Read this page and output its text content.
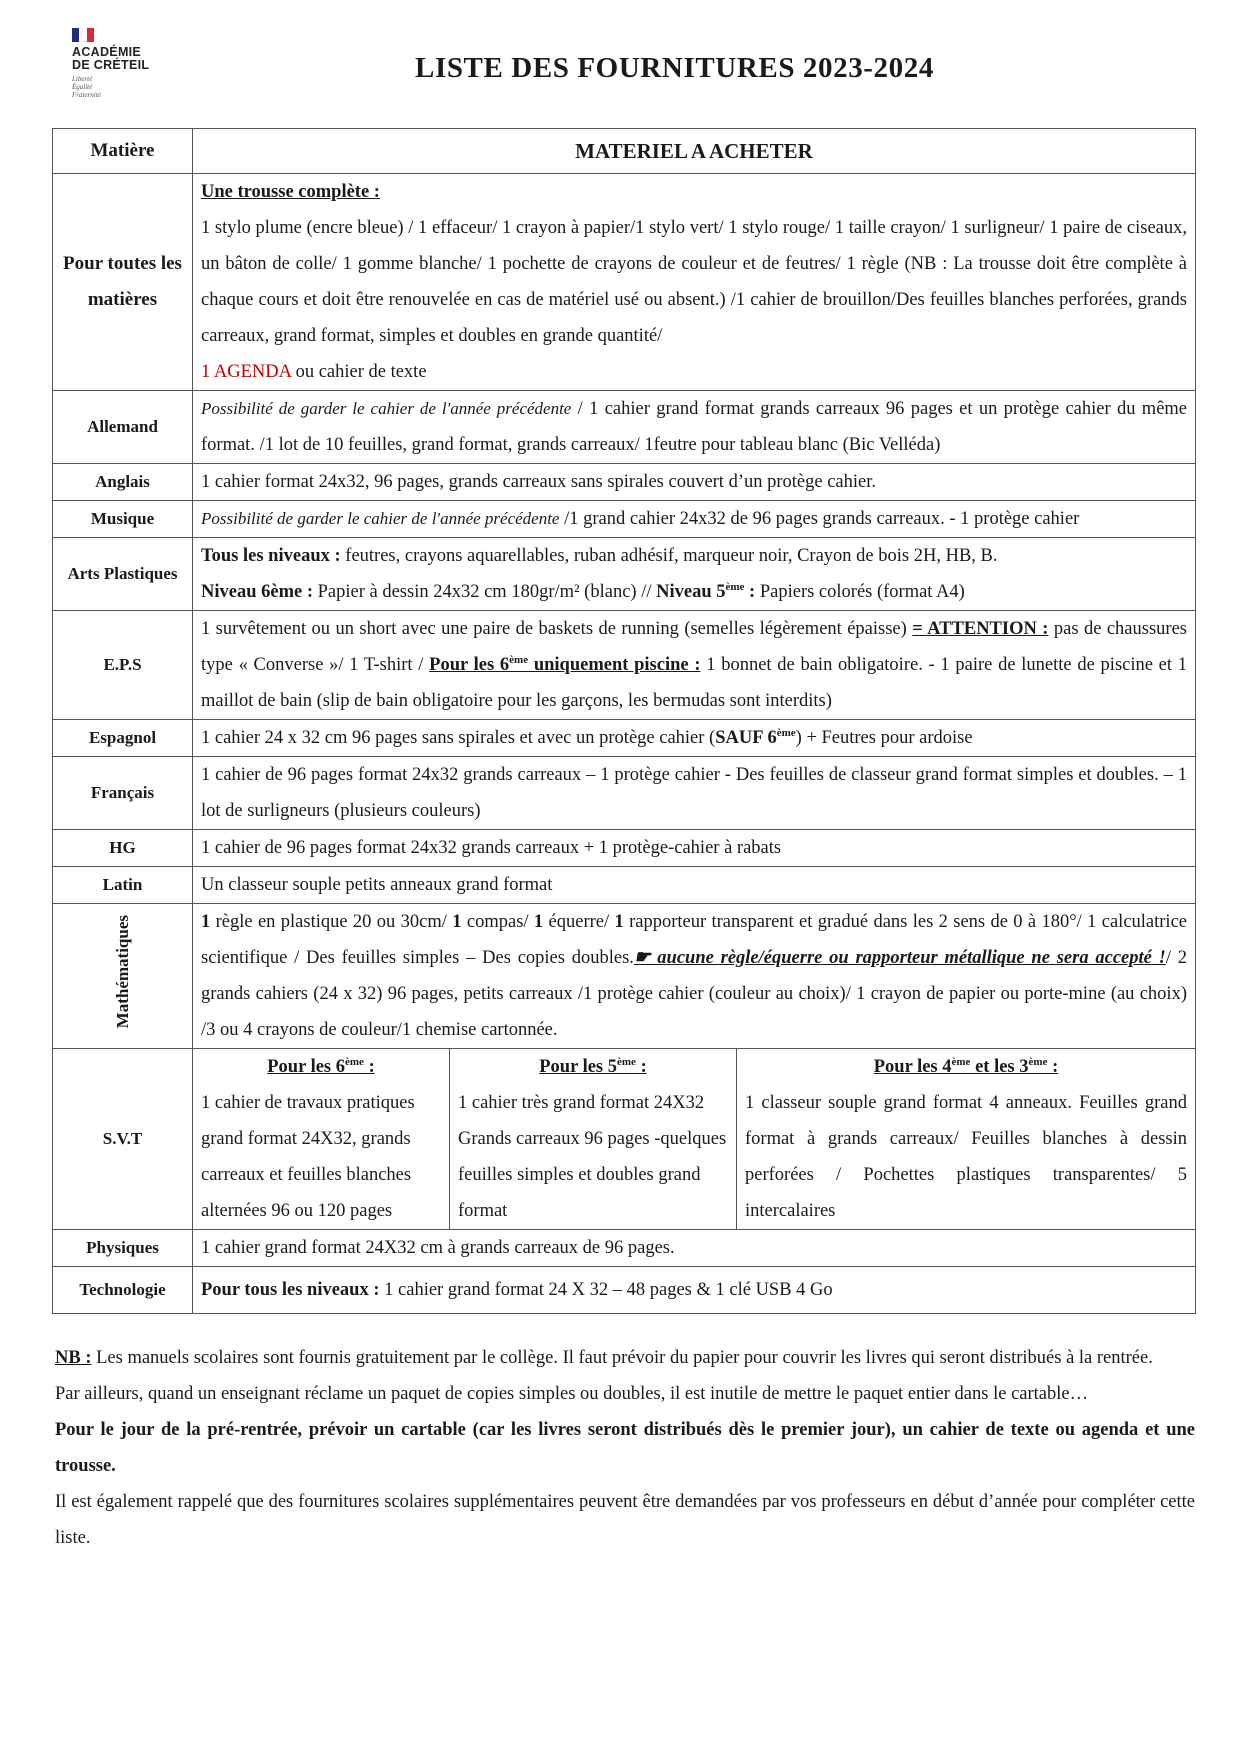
ACADÉMIE
DE CRÉTEIL
Liberté
Égalité
Fraternité
LISTE DES FOURNITURES 2023-2024
Matière	MATERIEL A ACHETER
Pour toutes les matières	Une trousse complète :
1 stylo plume (encre bleue) / 1 effaceur/ 1 crayon à papier/1 stylo vert/ 1 stylo rouge/ 1 taille crayon/ 1 surligneur/ 1 paire de ciseaux, un bâton de colle/ 1 gomme blanche/ 1 pochette de crayons de couleur et de feutres/ 1 règle (NB : La trousse doit être complète à chaque cours et doit être renouvelée en cas de matériel usé ou absent.) /1 cahier de brouillon/Des feuilles blanches perforées, grands carreaux, grand format, simples et doubles en grande quantité/
1 AGENDA ou cahier de texte
Allemand	Possibilité de garder le cahier de l'année précédente / 1 cahier grand format grands carreaux 96 pages et un protège cahier du même format. /1 lot de 10 feuilles, grand format, grands carreaux/ 1feutre pour tableau blanc (Bic Velléda)
Anglais	1 cahier format 24x32, 96 pages, grands carreaux sans spirales couvert d’un protège cahier.
Musique	Possibilité de garder le cahier de l'année précédente /1 grand cahier 24x32 de 96 pages grands carreaux. - 1 protège cahier
Arts Plastiques	Tous les niveaux : feutres, crayons aquarellables, ruban adhésif, marqueur noir, Crayon de bois 2H, HB, B.
Niveau 6ème : Papier à dessin 24x32 cm 180gr/m² (blanc) // Niveau 5ème : Papiers colorés (format A4)
E.P.S	1 survêtement ou un short avec une paire de baskets de running (semelles légèrement épaisse) = ATTENTION : pas de chaussures type « Converse »/ 1 T-shirt / Pour les 6ème uniquement piscine : 1 bonnet de bain obligatoire. - 1 paire de lunette de piscine et 1 maillot de bain (slip de bain obligatoire pour les garçons, les bermudas sont interdits)
Espagnol	1 cahier 24 x 32 cm 96 pages sans spirales et avec un protège cahier (SAUF 6ème) + Feutres pour ardoise
Français	1 cahier de 96 pages format 24x32 grands carreaux – 1 protège cahier - Des feuilles de classeur grand format simples et doubles. – 1 lot de surligneurs (plusieurs couleurs)
HG	1 cahier de 96 pages format 24x32 grands carreaux + 1 protège-cahier à rabats
Latin	Un classeur souple petits anneaux grand format
Mathématiques	1 règle en plastique 20 ou 30cm/ 1 compas/ 1 équerre/ 1 rapporteur transparent et gradué dans les 2 sens de 0 à 180°/ 1 calculatrice scientifique / Des feuilles simples – Des copies doubles.☛ aucune règle/équerre ou rapporteur métallique ne sera accepté !/ 2 grands cahiers (24 x 32) 96 pages, petits carreaux /1 protège cahier (couleur au choix)/ 1 crayon de papier ou porte-mine (au choix) /3 ou 4 crayons de couleur/1 chemise cartonnée.
S.V.T	
Pour les 6ème :	Pour les 5ème :	Pour les 4ème et les 3ème :
1 cahier de travaux pratiques grand format 24X32, grands carreaux et feuilles blanches alternées 96 ou 120 pages	1 cahier très grand format 24X32 Grands carreaux 96 pages -quelques feuilles simples et doubles grand format	1 classeur souple grand format 4 anneaux. Feuilles grand format à grands carreaux/ Feuilles blanches à dessin perforées / Pochettes plastiques transparentes/ 5 intercalaires

Physiques	1 cahier grand format 24X32 cm à grands carreaux de 96 pages.
Technologie	Pour tous les niveaux : 1 cahier grand format 24 X 32 – 48 pages & 1 clé USB 4 Go

NB : Les manuels scolaires sont fournis gratuitement par le collège. Il faut prévoir du papier pour couvrir les livres qui seront distribués à la rentrée.

Par ailleurs, quand un enseignant réclame un paquet de copies simples ou doubles, il est inutile de mettre le paquet entier dans le cartable…

Pour le jour de la pré-rentrée, prévoir un cartable (car les livres seront distribués dès le premier jour), un cahier de texte ou agenda et une trousse.

Il est également rappelé que des fournitures scolaires supplémentaires peuvent être demandées par vos professeurs en début d’année pour compléter cette liste.
